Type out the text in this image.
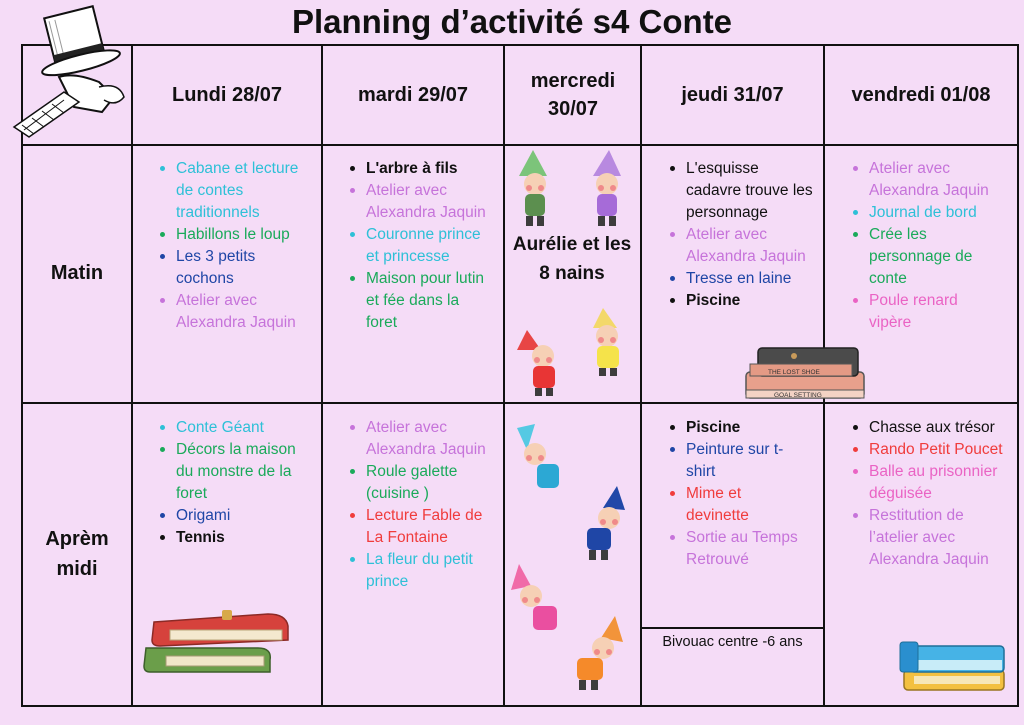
Planning d’activité s4 Conte
Lundi 28/07	mardi 29/07
mercredi 30/07
jeudi 31/07	vendredi 01/08
Matin
Aprèm midi
Cabane et lecture de contes traditionnels
Habillons le loup
Les 3 petits cochons
Atelier avec Alexandra Jaquin
L'arbre à fils
Atelier avec Alexandra Jaquin
Couronne prince et princesse
Maison pour lutin et fée dans la foret
Aurélie et les 8 nains
L'esquisse cadavre trouve les personnage
Atelier avec Alexandra Jaquin
Tresse en laine
Piscine
Atelier avec Alexandra Jaquin
Journal de bord
Crée les personnage de conte
Poule renard vipère
Conte Géant
Décors la maison du monstre de la foret
Origami
Tennis
Atelier avec Alexandra Jaquin
Roule galette (cuisine )
Lecture Fable de La Fontaine
La fleur du petit prince
Piscine
Peinture sur t-shirt
Mime et devinette
Sortie au Temps Retrouvé
Bivouac centre -6 ans
Chasse aux trésor
Rando Petit Poucet
Balle au prisonnier déguisée
Restitution de l’atelier avec Alexandra Jaquin
THE LOST SHOE
GOAL SETTING
